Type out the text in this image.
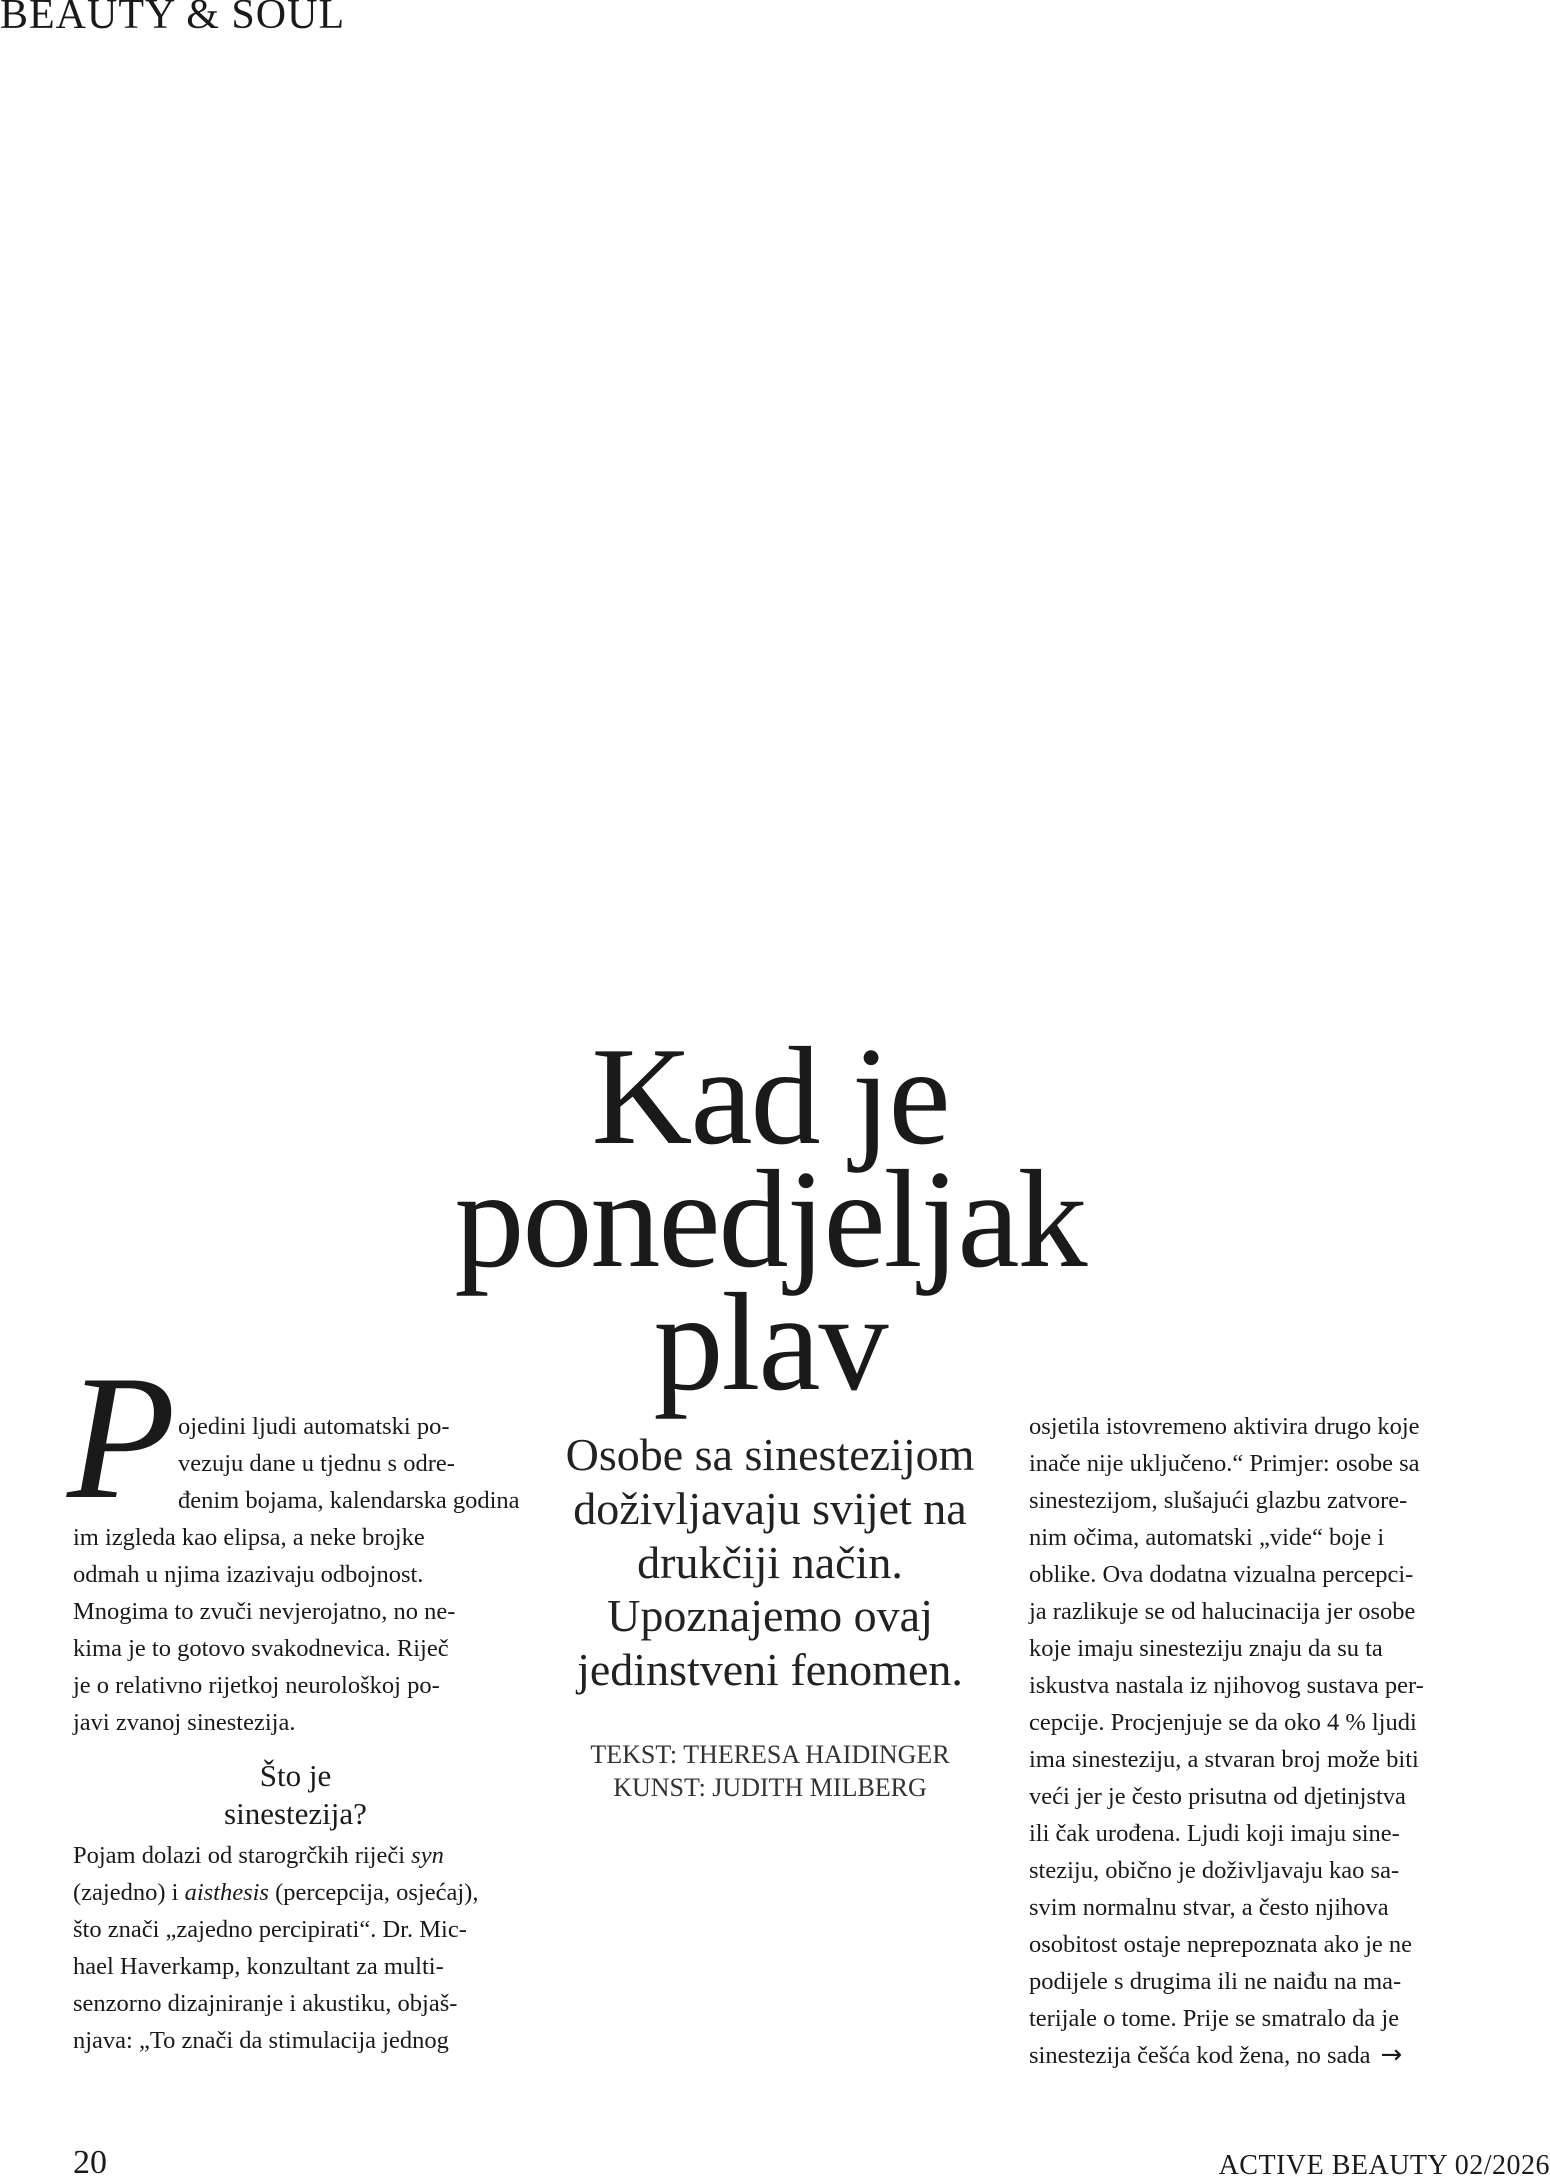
BEAUTY & SOUL
Kad je
ponedjeljak
plav

Osobe sa sinestezijom
doživljavaju svijet na
drukčiji način.
Upoznajemo ovaj
jedinstveni fenomen.

TEKST: THERESA HAIDINGER
KUNST: JUDITH MILBERG
P ojedini ljudi automatski po-
vezuju dane u tjednu s odre-
đenim bojama, kalendarska godina
im izgleda kao elipsa, a neke brojke
odmah u njima izazivaju odbojnost.
Mnogima to zvuči nevjerojatno, no ne-
kima je to gotovo svakodnevica. Riječ
je o relativno rijetkoj neurološkoj po-
javi zvanoj sinestezija.
Što je
sinestezija?
Pojam dolazi od starogrčkih riječi syn
(zajedno) i aisthesis (percepcija, osjećaj),
što znači „zajedno percipirati“. Dr. Mic-
hael Haverkamp, konzultant za multi-
senzorno dizajniranje i akustiku, objaš-
njava: „To znači da stimulacija jednog
osjetila istovremeno aktivira drugo koje
inače nije uključeno.“ Primjer: osobe sa
sinestezijom, slušajući glazbu zatvore-
nim očima, automatski „vide“ boje i
oblike. Ova dodatna vizualna percepci-
ja razlikuje se od halucinacija jer osobe
koje imaju sinesteziju znaju da su ta
iskustva nastala iz njihovog sustava per-
cepcije. Procjenjuje se da oko 4 % ljudi
ima sinesteziju, a stvaran broj može biti
veći jer je često prisutna od djetinjstva
ili čak urođena. Ljudi koji imaju sine-
steziju, obično je doživljavaju kao sa-
svim normalnu stvar, a često njihova
osobitost ostaje neprepoznata ako je ne
podijele s drugima ili ne naiđu na ma-
terijale o tome. Prije se smatralo da je
sinestezija češća kod žena, no sada →
20	ACTIVE BEAUTY 02/2026
